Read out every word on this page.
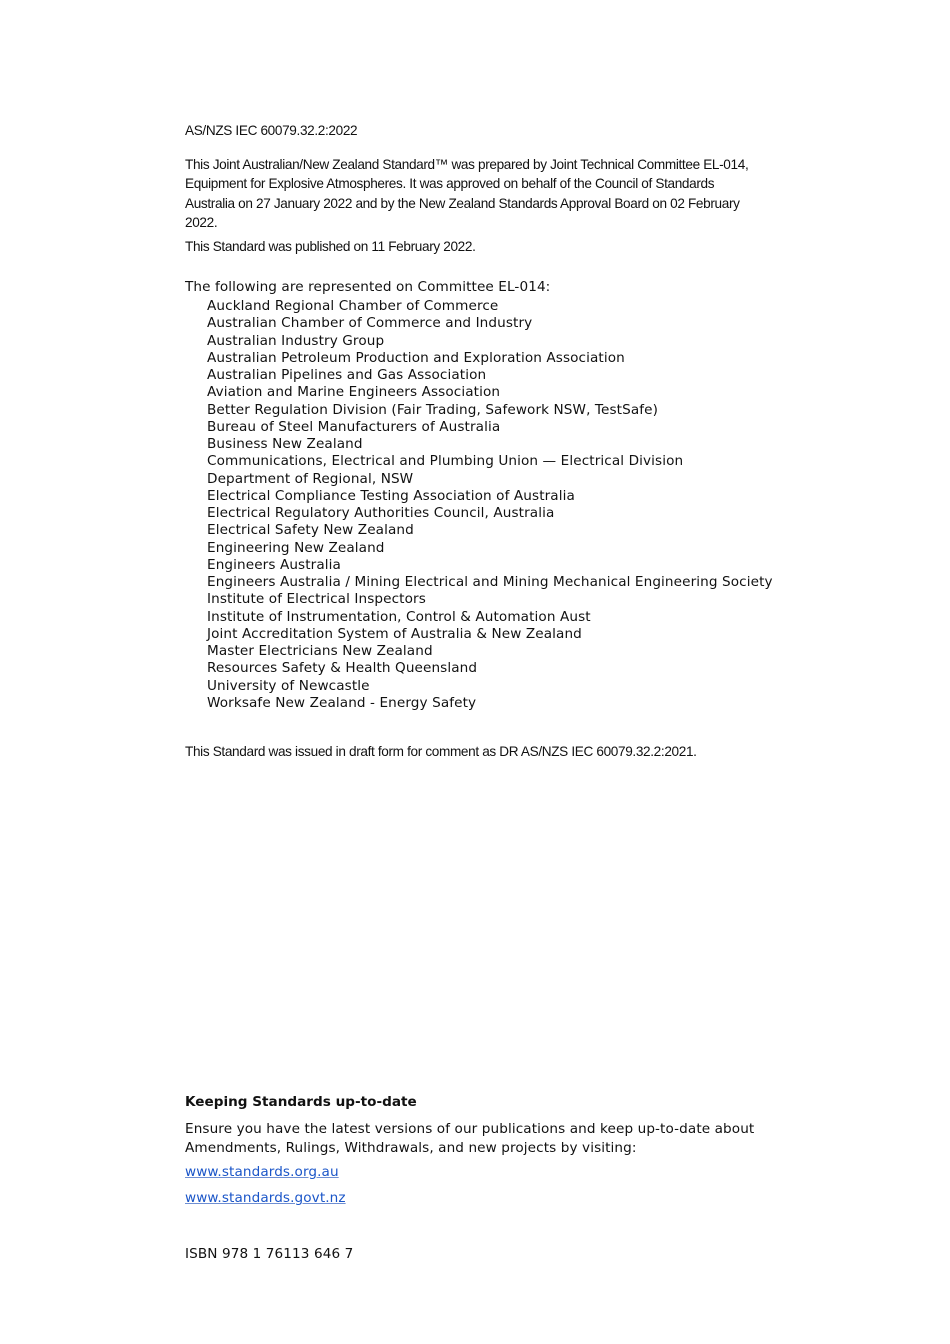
AS/NZS IEC 60079.32.2:2022

This Joint Australian/New Zealand Standard™ was prepared by Joint Technical Committee EL-014, Equipment for Explosive Atmospheres. It was approved on behalf of the Council of Standards Australia on 27 January 2022 and by the New Zealand Standards Approval Board on 02 February 2022.

This Standard was published on 11 February 2022.

The following are represented on Committee EL-014:

Auckland Regional Chamber of Commerce
Australian Chamber of Commerce and Industry
Australian Industry Group
Australian Petroleum Production and Exploration Association
Australian Pipelines and Gas Association
Aviation and Marine Engineers Association
Better Regulation Division (Fair Trading, Safework NSW, TestSafe)
Bureau of Steel Manufacturers of Australia
Business New Zealand
Communications, Electrical and Plumbing Union — Electrical Division
Department of Regional, NSW
Electrical Compliance Testing Association of Australia
Electrical Regulatory Authorities Council, Australia
Electrical Safety New Zealand
Engineering New Zealand
Engineers Australia
Engineers Australia / Mining Electrical and Mining Mechanical Engineering Society
Institute of Electrical Inspectors
Institute of Instrumentation, Control & Automation Aust
Joint Accreditation System of Australia & New Zealand
Master Electricians New Zealand
Resources Safety & Health Queensland
University of Newcastle
Worksafe New Zealand - Energy Safety

This Standard was issued in draft form for comment as DR AS/NZS IEC 60079.32.2:2021.

Keeping Standards up-to-date

Ensure you have the latest versions of our publications and keep up-to-date about Amendments, Rulings, Withdrawals, and new projects by visiting:

www.standards.org.au
www.standards.govt.nz

ISBN 978 1 76113 646 7
